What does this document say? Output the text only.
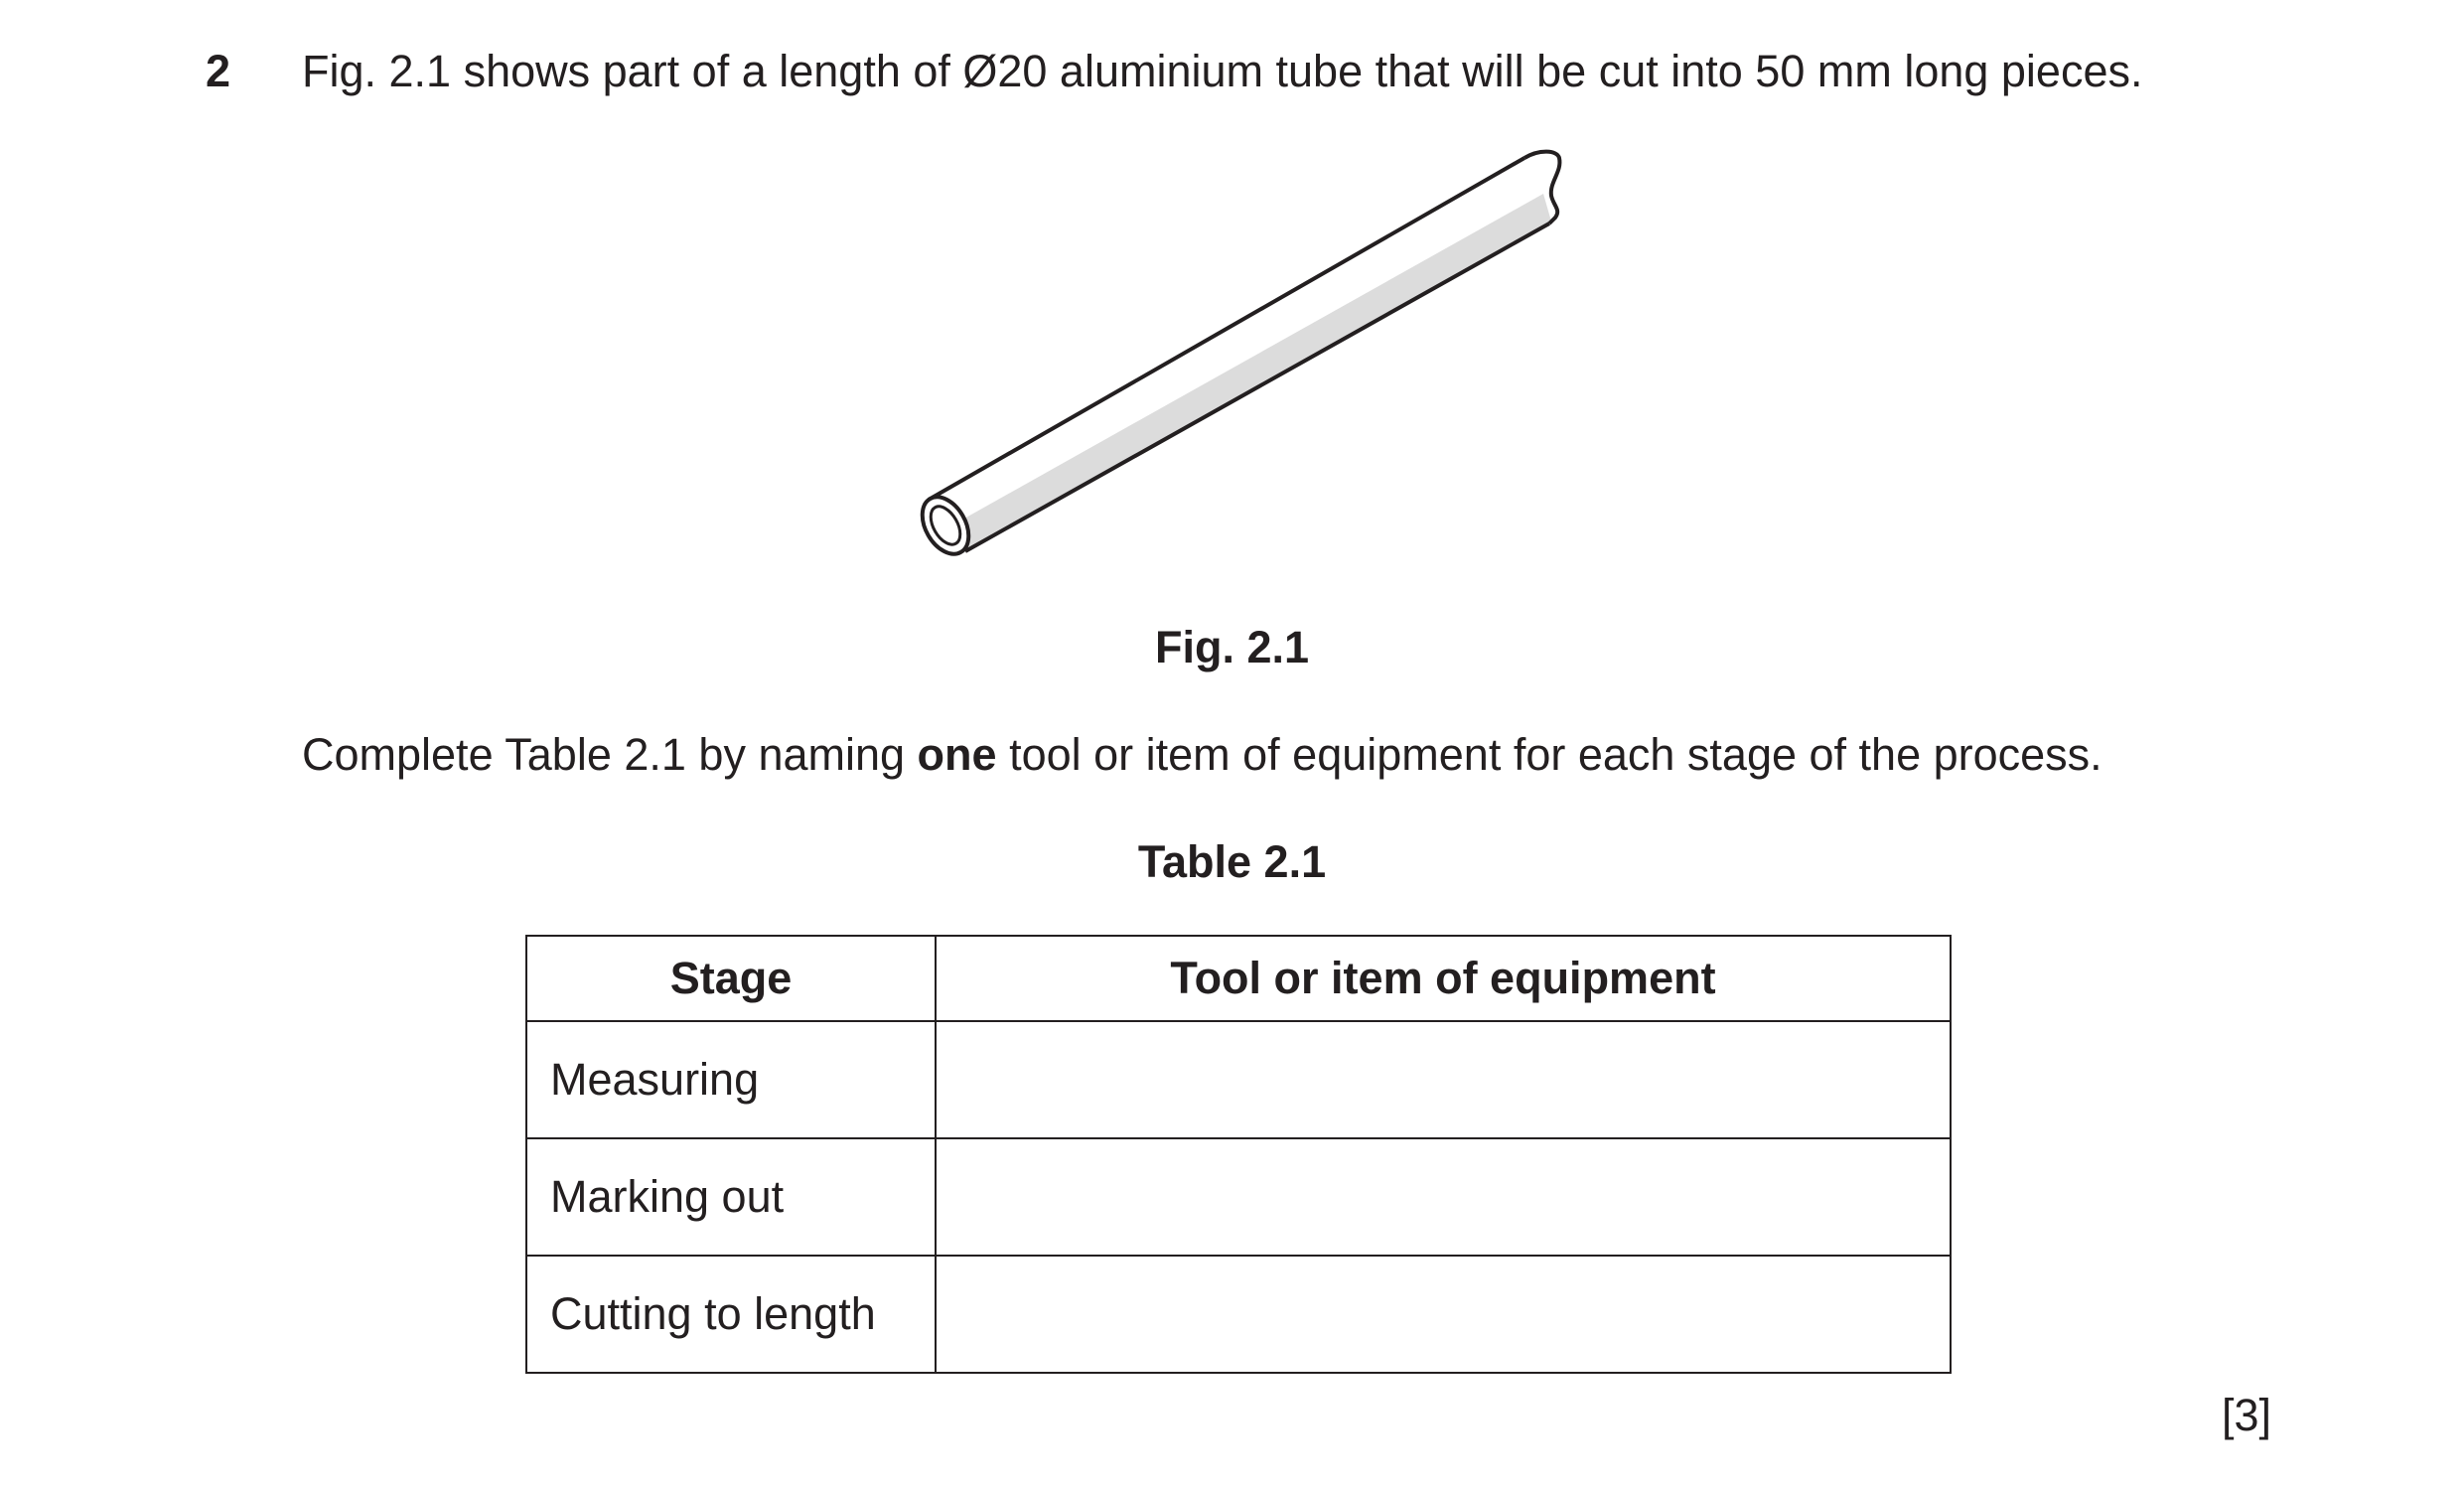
2 Fig. 2.1 shows part of a length of Ø20 aluminium tube that will be cut into 50 mm long pieces.
Fig. 2.1
Complete Table 2.1 by naming one tool or item of equipment for each stage of the process.
Table 2.1
Stage	Tool or item of equipment
Measuring	
Marking out	
Cutting to length	
[3]
